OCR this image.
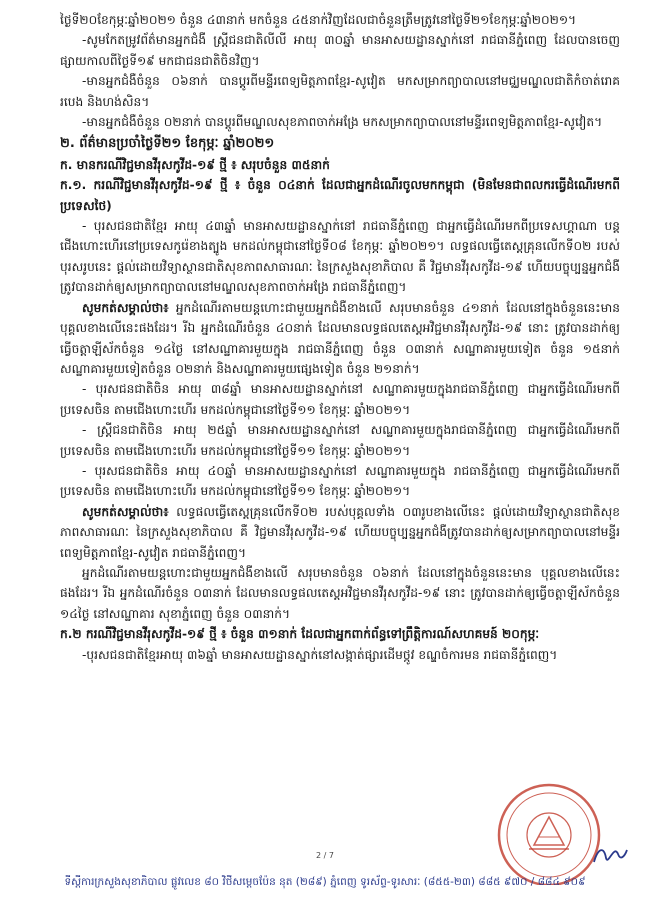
ថ្ងៃទី២០ខែកុម្ភៈឆ្នាំ២០២១ ចំនួន ៤៣នាក់ មកចំនួន ៤៥នាក់វិញដែលជាចំនួនត្រឹមត្រូវនៅថ្ងៃទី២១ខែកុម្ភៈឆ្នាំ២០២១។

-សូមកែតម្រូវព័ត៌មានអ្នកជំងឺ ស្ត្រីជនជាតិលីលី អាយុ ៣០ឆ្នាំ មានអាសយដ្ឋានស្នាក់នៅ រាជធានីភ្នំពេញ ដែលបានចេញផ្សាយកាលពីថ្ងៃទី១៩ មកជាជនជាតិចិនវិញ។

-មានអ្នកជំងឺចំនួន ០៦នាក់ បានប្តូរពីមន្ទីរពេទ្យមិត្តភាពខ្មែរ-សូវៀត មកសម្រាកព្យាបាលនៅមជ្ឈមណ្ឌលជាតិកំចាត់រោគរបេង និងហង់សិន។

-មានអ្នកជំងឺចំនួន ០២នាក់ បានប្តូរពីមណ្ឌលសុខភាពចាក់អង្រែ មកសម្រាកព្យាបាលនៅមន្ទីរពេទ្យមិត្តភាពខ្មែរ-សូវៀត។

២. ព័ត៌មានប្រចាំថ្ងៃទី២១ ខែកុម្ភៈ ឆ្នាំ២០២១

ក. មានករណីវិជ្ជមានវីរុសកូវីដ-១៩ ថ្មី ៖ សរុបចំនួន ៣៥នាក់

ក.១. ករណីវិជ្ជមានវីរុសកូវីដ-១៩ ថ្មី ៖ ចំនួន ០៤នាក់ ដែលជាអ្នកដំណើរចូលមកកម្ពុជា (មិនមែនជាពលករធ្វើដំណើរមកពីប្រទេសថៃ)

- បុរសជនជាតិខ្មែរ អាយុ ៤៣ឆ្នាំ មានអាសយដ្ឋានស្នាក់នៅ រាជធានីភ្នំពេញ ជាអ្នកធ្វើដំណើរមកពីប្រទេសហ្គាណា បន្តជើងហោះហើរនៅប្រទេសកូរ៉េខាងត្បូង មកដល់កម្ពុជានៅថ្ងៃទី០៨ ខែកុម្ភៈ ឆ្នាំ២០២១។ លទ្ធផលធ្វើតេស្តគ្រុនលើកទី០២ របស់បុរសរូបនេះ ផ្តល់ដោយវិទ្យាស្ថានជាតិសុខភាពសាធារណៈ នៃក្រសួងសុខាភិបាល គឺ វិជ្ជមានវីរុសកូវីដ-១៩ ហើយបច្ចុប្បន្នអ្នកជំងឺត្រូវបានដាក់ឲ្យសម្រាកព្យាបាលនៅមណ្ឌលសុខភាពចាក់អង្រែ រាជធានីភ្នំពេញ។

សូមកត់សម្គាល់ថា៖ អ្នកដំណើរតាមយន្តហោះជាមួយអ្នកជំងឺខាងលើ សរុបមានចំនួន ៤១នាក់ ដែលនៅក្នុងចំនួននេះមាន បុគ្គលខាងលើនេះផងដែរ។ រីឯ អ្នកដំណើរចំនួន ៤០នាក់ ដែលមានលទ្ធផលតេស្តអវិជ្ជមានវីរុសកូវីដ-១៩ នោះ ត្រូវបានដាក់ឲ្យធ្វើចត្តាឡីស័កចំនួន ១៤ថ្ងៃ នៅសណ្ឋាគារមួយក្នុង រាជធានីភ្នំពេញ ចំនួន ០៣នាក់ សណ្ឋាគារមួយទៀត ចំនួន ១៥នាក់ សណ្ឋាគារមួយទៀតចំនួន ០២នាក់ និងសណ្ឋាគារមួយផ្សេងទៀត ចំនួន ២១នាក់។

- បុរសជនជាតិចិន អាយុ ៣៨ឆ្នាំ មានអាសយដ្ឋានស្នាក់នៅ សណ្ឋាគារមួយក្នុងរាជធានីភ្នំពេញ ជាអ្នកធ្វើដំណើរមកពីប្រទេសចិន តាមជើងហោះហើរ មកដល់កម្ពុជានៅថ្ងៃទី១១ ខែកុម្ភៈ ឆ្នាំ២០២១។

- ស្ត្រីជនជាតិចិន អាយុ ២៥ឆ្នាំ មានអាសយដ្ឋានស្នាក់នៅ សណ្ឋាគារមួយក្នុងរាជធានីភ្នំពេញ ជាអ្នកធ្វើដំណើរមកពីប្រទេសចិន តាមជើងហោះហើរ មកដល់កម្ពុជានៅថ្ងៃទី១១ ខែកុម្ភៈ ឆ្នាំ២០២១។

- បុរសជនជាតិចិន អាយុ ៤០ឆ្នាំ មានអាសយដ្ឋានស្នាក់នៅ សណ្ឋាគារមួយក្នុង រាជធានីភ្នំពេញ ជាអ្នកធ្វើដំណើរមកពីប្រទេសចិន តាមជើងហោះហើរ មកដល់កម្ពុជានៅថ្ងៃទី១១ ខែកុម្ភៈ ឆ្នាំ២០២១។

សូមកត់សម្គាល់ថា៖ លទ្ធផលធ្វើតេស្តគ្រុនលើកទី០២ របស់បុគ្គលទាំង ០៣រូបខាងលើនេះ ផ្តល់ដោយវិទ្យាស្ថានជាតិសុខភាពសាធារណៈ នៃក្រសួងសុខាភិបាល គឺ វិជ្ជមានវីរុសកូវីដ-១៩ ហើយបច្ចុប្បន្នអ្នកជំងឺត្រូវបានដាក់ឲ្យសម្រាកព្យាបាលនៅមន្ទីរពេទ្យមិត្តភាពខ្មែរ-សូវៀត រាជធានីភ្នំពេញ។

អ្នកដំណើរតាមយន្តហោះជាមួយអ្នកជំងឺខាងលើ សរុបមានចំនួន ០៦នាក់ ដែលនៅក្នុងចំនួននេះមាន បុគ្គលខាងលើនេះផងដែរ។ រីឯ អ្នកដំណើរចំនួន ០៣នាក់ ដែលមានលទ្ធផលតេស្តអវិជ្ជមានវីរុសកូវីដ-១៩ នោះ ត្រូវបានដាក់ឲ្យធ្វើចត្តាឡីស័កចំនួន ១៤ថ្ងៃ នៅសណ្ឋាគារ សុខាភ្នំពេញ ចំនួន ០៣នាក់។

ក.២ ករណីវិជ្ជមានវីរុសកូវីដ-១៩ ថ្មី ៖ ចំនួន ៣១នាក់ ដែលជាអ្នកពាក់ព័ន្ធទៅព្រឹត្តិការណ៍សហគមន៍ ២០កុម្ភៈ

-បុរសជនជាតិខ្មែរអាយុ ៣៦ឆ្នាំ មានអាសយដ្ឋានស្នាក់នៅសង្កាត់ផ្សារដើមថ្កូវ ខណ្ឌចំការមន រាជធានីភ្នំពេញ។

2 / 7
ទីស្តីការក្រសួងសុខាភិបាល ផ្លូវលេខ ៨០ វិថីសម្តេចប៉ែន នុត (២៨៩) ភ្នំពេញ ទូរស័ព្ទ-ទូរសារៈ (៨៥៥-២៣) ៨៨៥ ៩៧០ / ៨៨៤ ៩០៩
